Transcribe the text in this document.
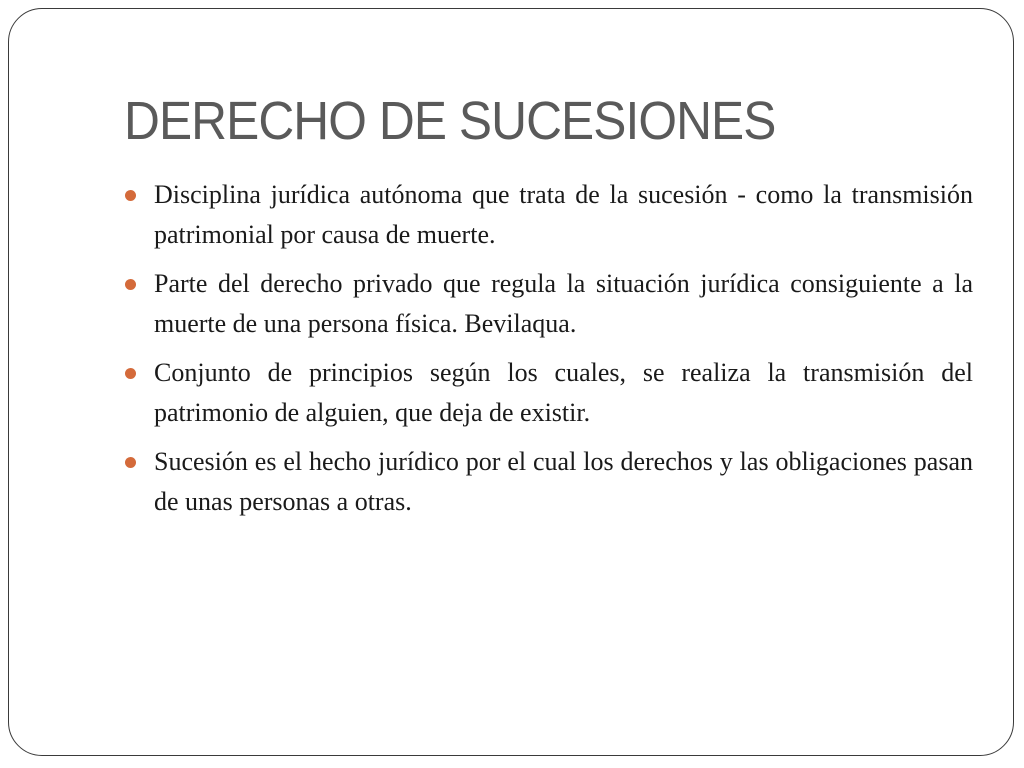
DERECHO DE SUCESIONES
Disciplina jurídica autónoma que trata de la sucesión - como la transmisión patrimonial por causa de muerte.
Parte del derecho privado que regula la situación jurídica consiguiente a la muerte de una persona física. Bevilaqua.
Conjunto de principios según los cuales, se realiza la transmisión del patrimonio de alguien, que deja de existir.
Sucesión es el hecho jurídico por el cual los derechos y las obligaciones pasan de unas personas a otras.
